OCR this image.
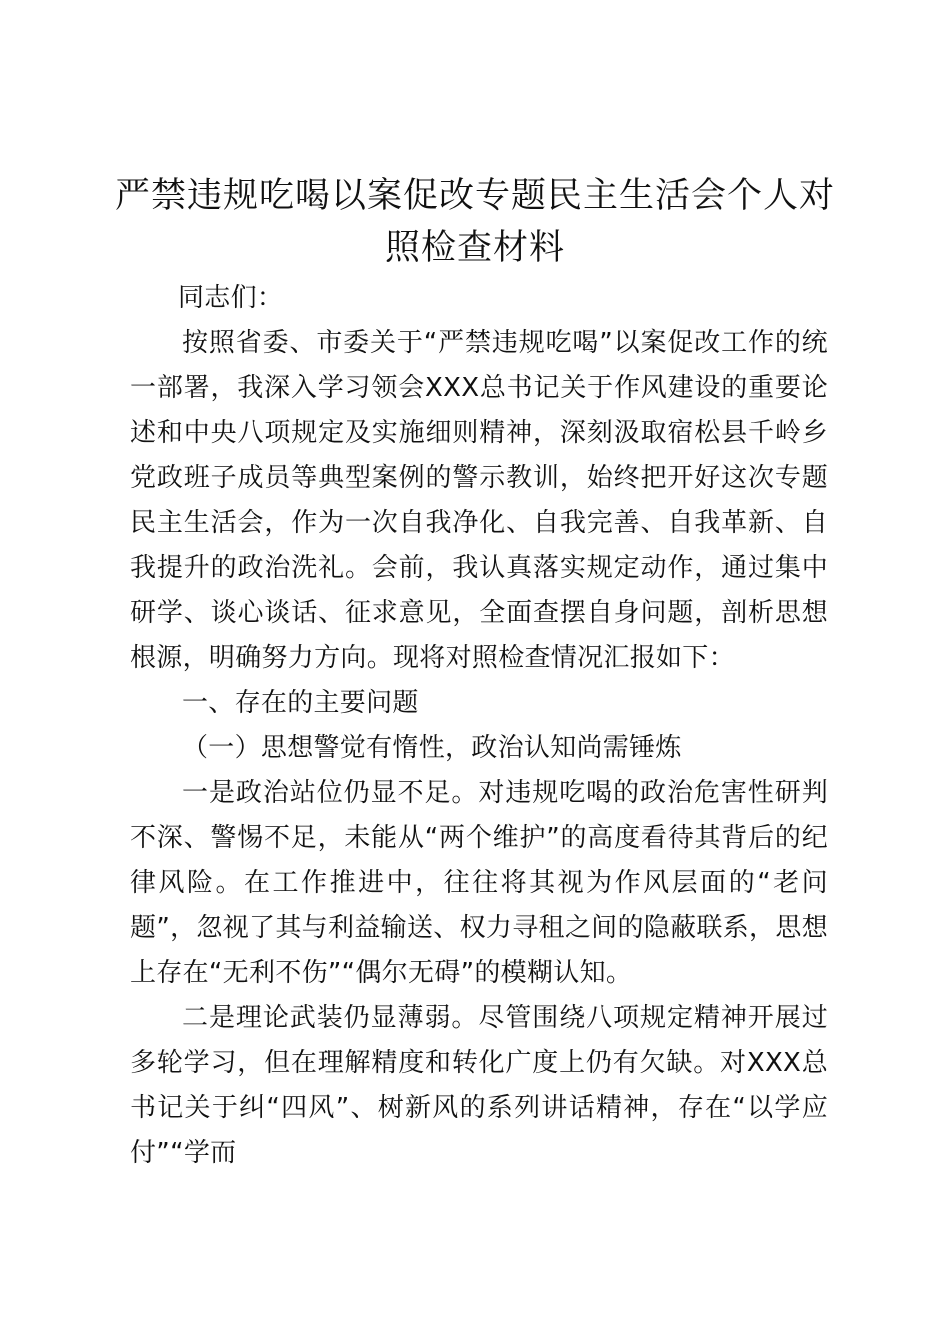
严禁违规吃喝以案促改专题民主生活会个人对照检查材料

同志们：

按照省委、市委关于“严禁违规吃喝”以案促改工作的统一部署，我深入学习领会XXX总书记关于作风建设的重要论述和中央八项规定及实施细则精神，深刻汲取宿松县千岭乡党政班子成员等典型案例的警示教训，始终把开好这次专题民主生活会，作为一次自我净化、自我完善、自我革新、自我提升的政治洗礼。会前，我认真落实规定动作，通过集中研学、谈心谈话、征求意见，全面查摆自身问题，剖析思想根源，明确努力方向。现将对照检查情况汇报如下：

一、存在的主要问题

（一）思想警觉有惰性，政治认知尚需锤炼

一是政治站位仍显不足。对违规吃喝的政治危害性研判不深、警惕不足，未能从“两个维护”的高度看待其背后的纪律风险。在工作推进中，往往将其视为作风层面的“老问题”，忽视了其与利益输送、权力寻租之间的隐蔽联系，思想上存在“无利不伤”“偶尔无碍”的模糊认知。

二是理论武装仍显薄弱。尽管围绕八项规定精神开展过多轮学习，但在理解精度和转化广度上仍有欠缺。对XXX总书记关于纠“四风”、树新风的系列讲话精神，存在“以学应付”“学而
